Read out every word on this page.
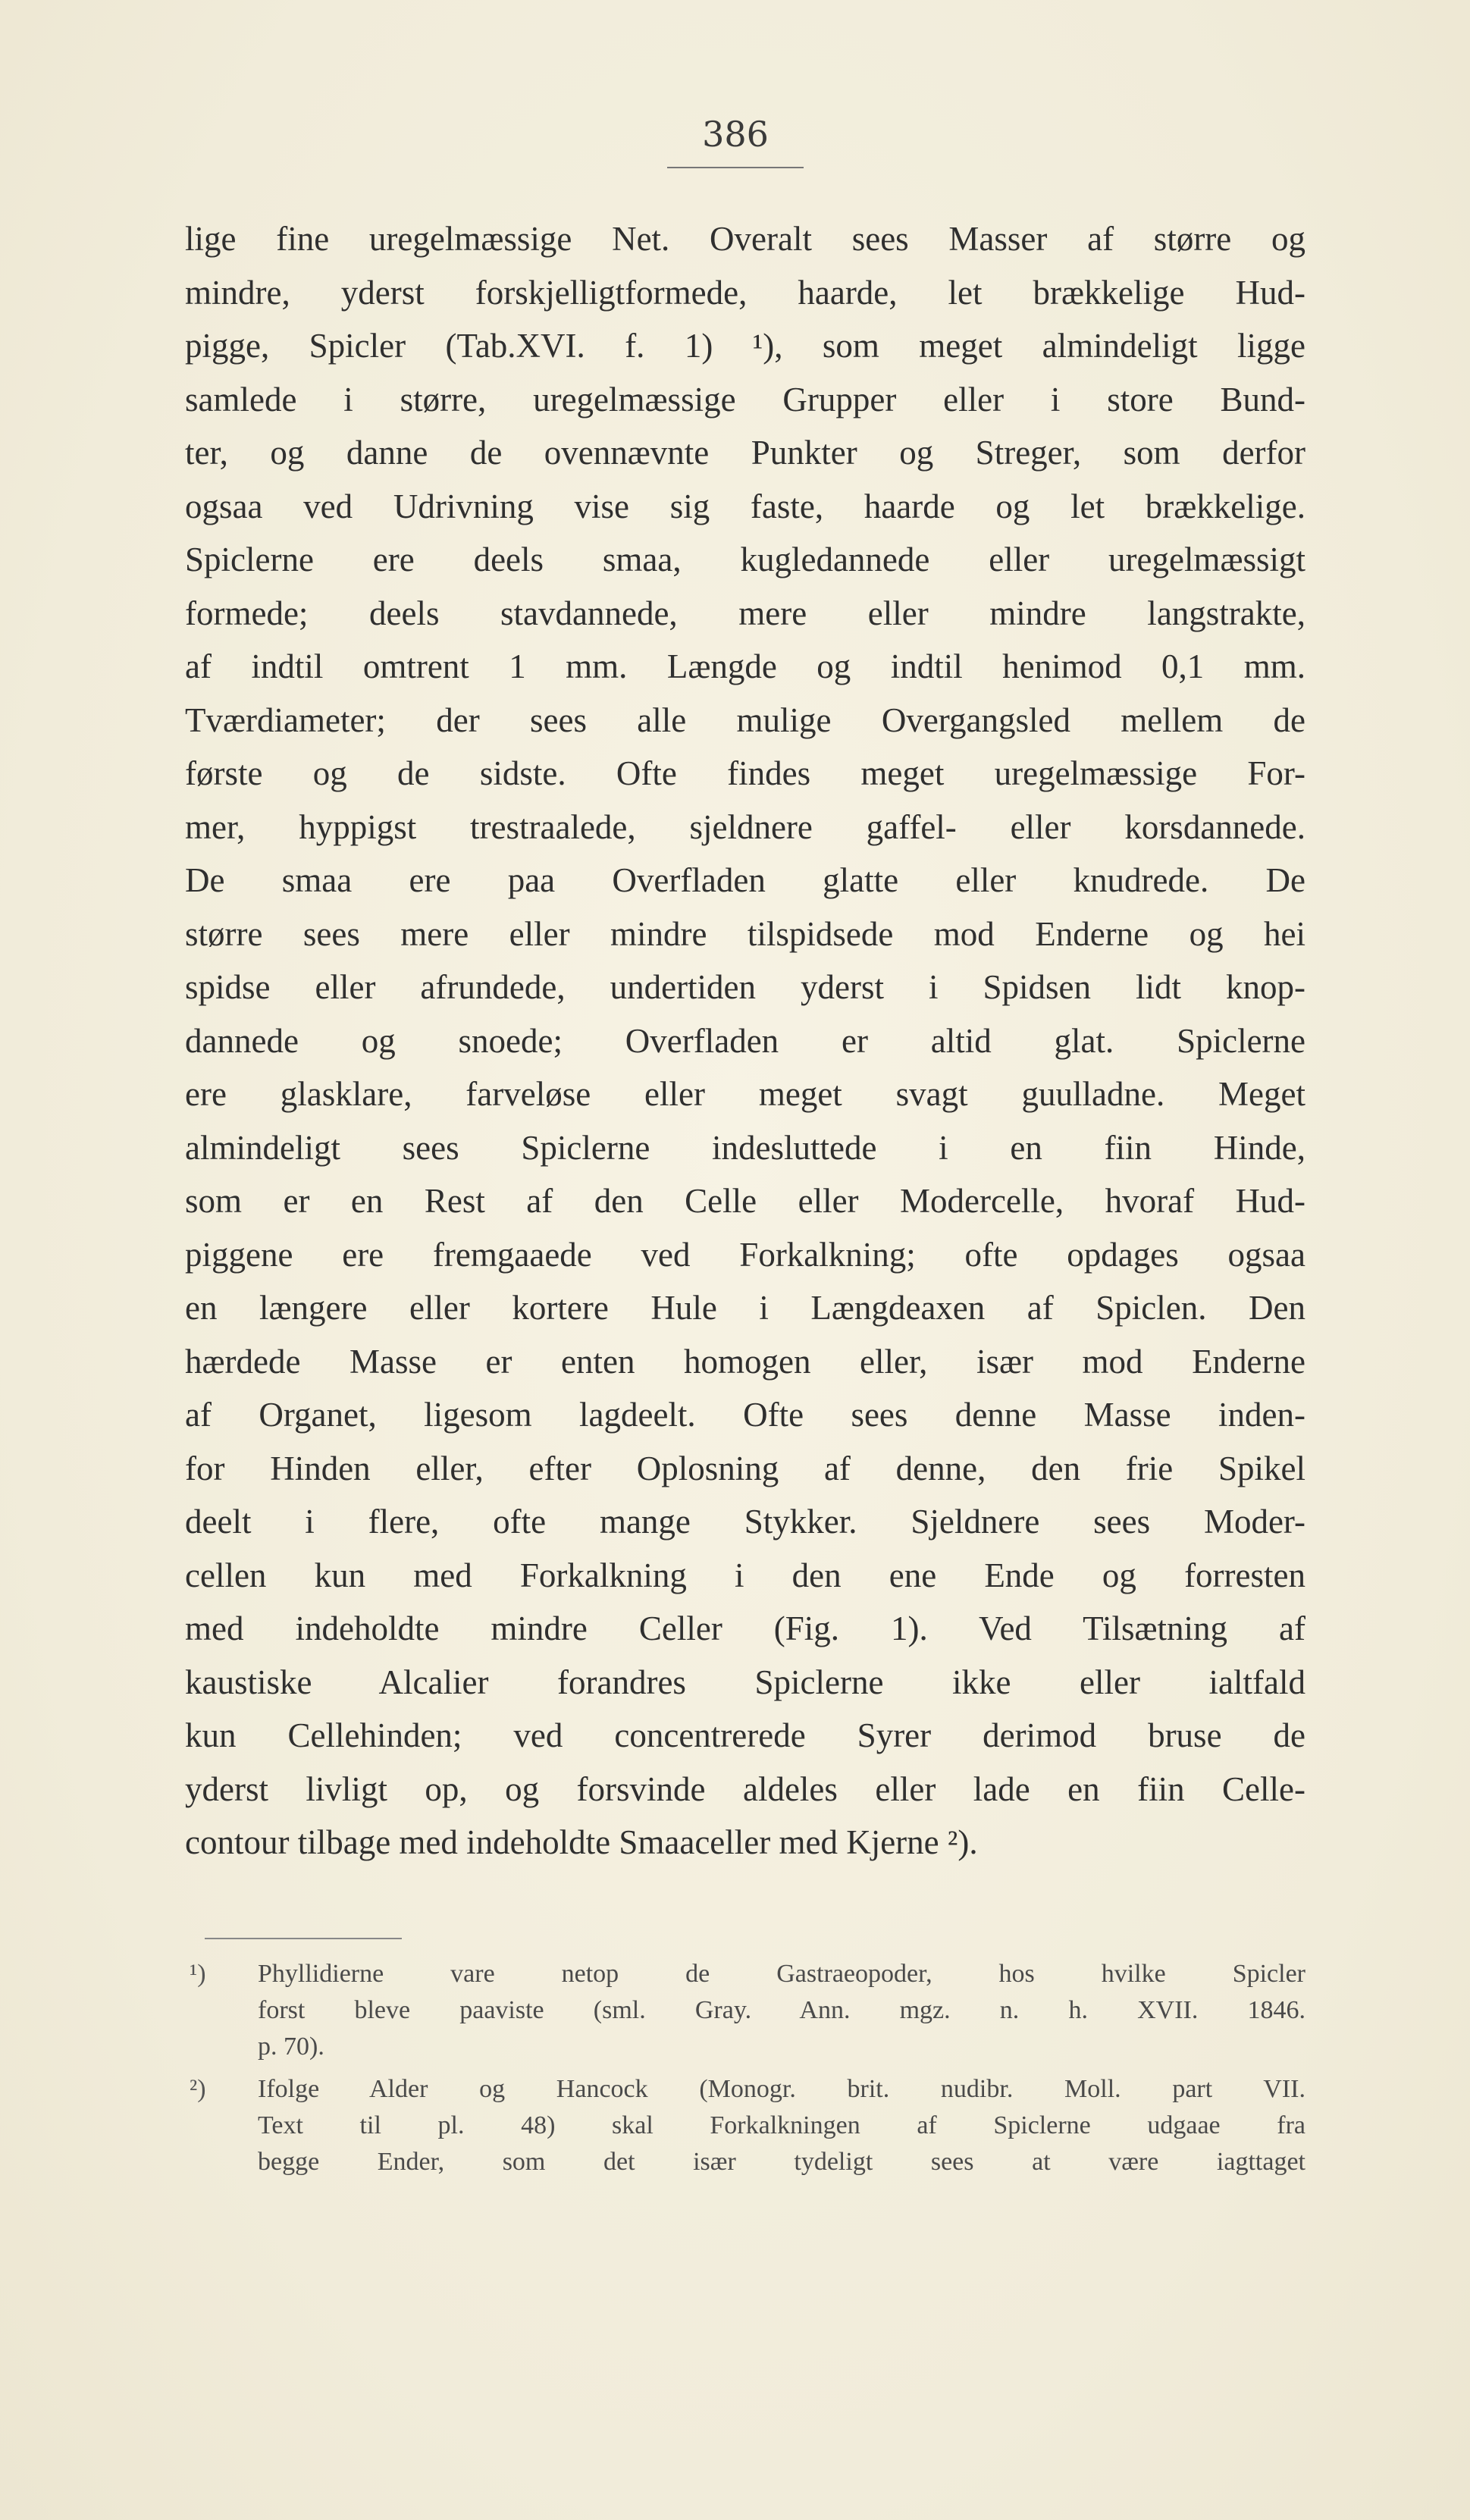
386
lige fine uregelmæssige Net. Overalt sees Masser af større og
mindre, yderst forskjelligtformede, haarde, let brækkelige Hud-
pigge, Spicler (Tab.XVI. f. 1) ¹), som meget almindeligt ligge
samlede i større, uregelmæssige Grupper eller i store Bund-
ter, og danne de ovennævnte Punkter og Streger, som derfor
ogsaa ved Udrivning vise sig faste, haarde og let brækkelige.
Spiclerne ere deels smaa, kugledannede eller uregelmæssigt
formede; deels stavdannede, mere eller mindre langstrakte,
af indtil omtrent 1 mm. Længde og indtil henimod 0,1 mm.
Tværdiameter; der sees alle mulige Overgangsled mellem de
første og de sidste. Ofte findes meget uregelmæssige For-
mer, hyppigst trestraalede, sjeldnere gaffel- eller korsdannede.
De smaa ere paa Overfladen glatte eller knudrede. De
større sees mere eller mindre tilspidsede mod Enderne og hei
spidse eller afrundede, undertiden yderst i Spidsen lidt knop-
dannede og snoede; Overfladen er altid glat. Spiclerne
ere glasklare, farveløse eller meget svagt guulladne. Meget
almindeligt sees Spiclerne indesluttede i en fiin Hinde,
som er en Rest af den Celle eller Modercelle, hvoraf Hud-
piggene ere fremgaaede ved Forkalkning; ofte opdages ogsaa
en længere eller kortere Hule i Længdeaxen af Spiclen. Den
hærdede Masse er enten homogen eller, især mod Enderne
af Organet, ligesom lagdeelt. Ofte sees denne Masse inden-
for Hinden eller, efter Oplosning af denne, den frie Spikel
deelt i flere, ofte mange Stykker. Sjeldnere sees Moder-
cellen kun med Forkalkning i den ene Ende og forresten
med indeholdte mindre Celler (Fig. 1). Ved Tilsætning af
kaustiske Alcalier forandres Spiclerne ikke eller ialtfald
kun Cellehinden; ved concentrerede Syrer derimod bruse de
yderst livligt op, og forsvinde aldeles eller lade en fiin Celle-
contour tilbage med indeholdte Smaaceller med Kjerne ²).
¹)	Phyllidierne vare netop de Gastraeopoder, hos hvilke Spicler
forst bleve paaviste (sml. Gray. Ann. mgz. n. h. XVII. 1846.
p. 70).
²)	Ifolge Alder og Hancock (Monogr. brit. nudibr. Moll. part VII.
Text til pl. 48) skal Forkalkningen af Spiclerne udgaae fra
begge Ender, som det især tydeligt sees at være iagttaget
